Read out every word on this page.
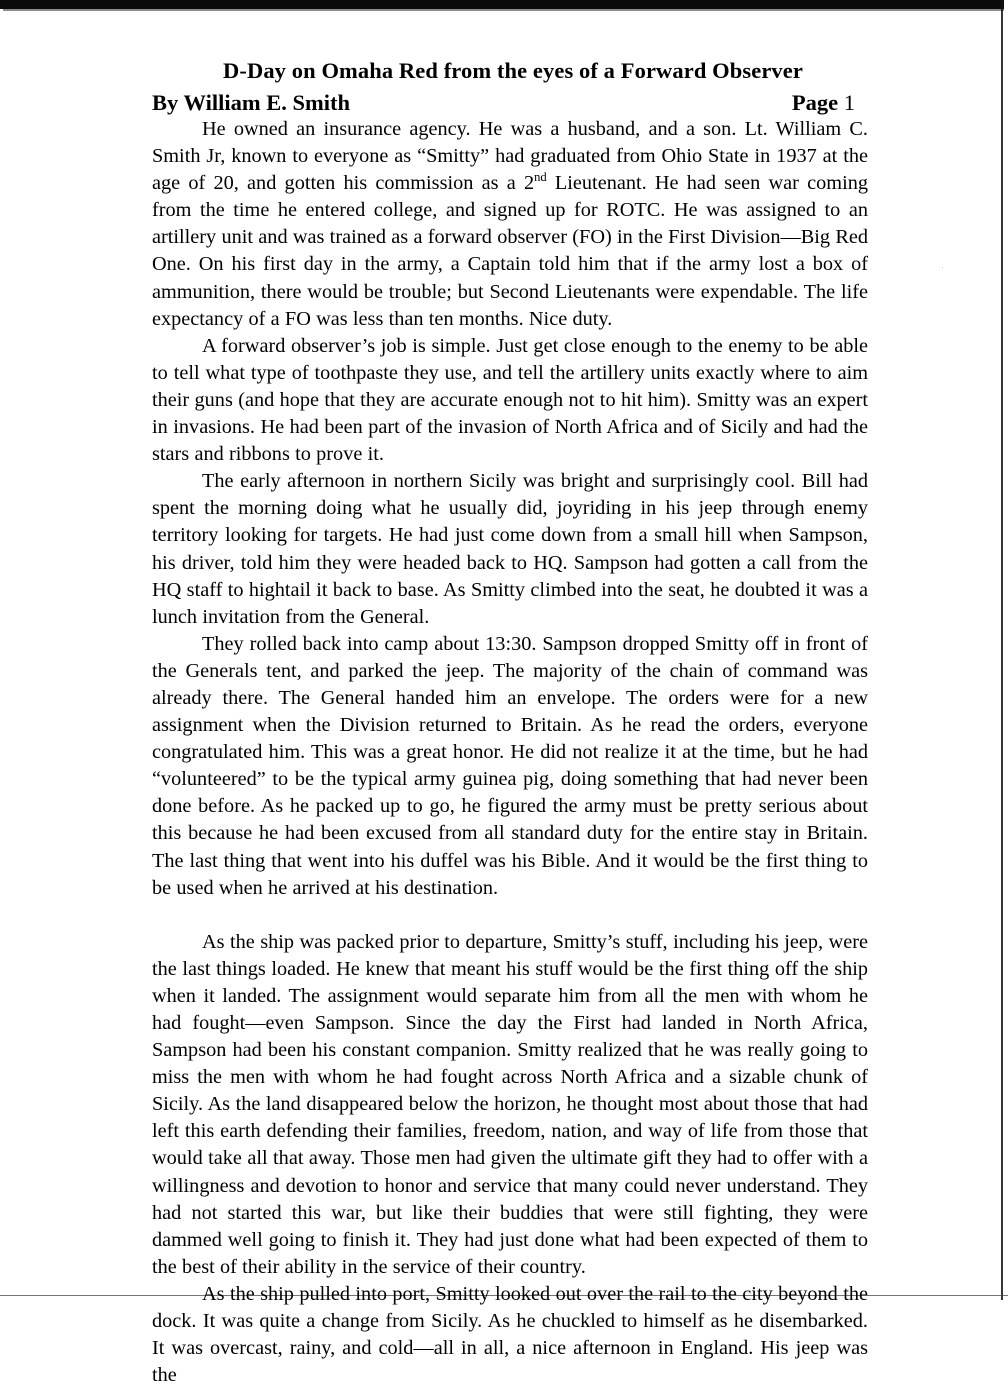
·
D-Day on Omaha Red from the eyes of a Forward Observer
By William E. Smith	Page 1

He owned an insurance agency. He was a husband, and a son. Lt. William C. Smith Jr, known to everyone as “Smitty” had graduated from Ohio State in 1937 at the age of 20, and gotten his commission as a 2nd Lieutenant. He had seen war coming from the time he entered college, and signed up for ROTC. He was assigned to an artillery unit and was trained as a forward observer (FO) in the First Division—Big Red One. On his first day in the army, a Captain told him that if the army lost a box of ammunition, there would be trouble; but Second Lieutenants were expendable. The life expectancy of a FO was less than ten months. Nice duty.

A forward observer’s job is simple. Just get close enough to the enemy to be able to tell what type of toothpaste they use, and tell the artillery units exactly where to aim their guns (and hope that they are accurate enough not to hit him). Smitty was an expert in invasions. He had been part of the invasion of North Africa and of Sicily and had the stars and ribbons to prove it.

The early afternoon in northern Sicily was bright and surprisingly cool. Bill had spent the morning doing what he usually did, joyriding in his jeep through enemy territory looking for targets. He had just come down from a small hill when Sampson, his driver, told him they were headed back to HQ. Sampson had gotten a call from the HQ staff to hightail it back to base. As Smitty climbed into the seat, he doubted it was a lunch invitation from the General.

They rolled back into camp about 13:30. Sampson dropped Smitty off in front of the Generals tent, and parked the jeep. The majority of the chain of command was already there. The General handed him an envelope. The orders were for a new assignment when the Division returned to Britain. As he read the orders, everyone congratulated him. This was a great honor. He did not realize it at the time, but he had “volunteered” to be the typical army guinea pig, doing something that had never been done before. As he packed up to go, he figured the army must be pretty serious about this because he had been excused from all standard duty for the entire stay in Britain. The last thing that went into his duffel was his Bible. And it would be the first thing to be used when he arrived at his destination.

As the ship was packed prior to departure, Smitty’s stuff, including his jeep, were the last things loaded. He knew that meant his stuff would be the first thing off the ship when it landed. The assignment would separate him from all the men with whom he had fought—even Sampson. Since the day the First had landed in North Africa, Sampson had been his constant companion. Smitty realized that he was really going to miss the men with whom he had fought across North Africa and a sizable chunk of Sicily. As the land disappeared below the horizon, he thought most about those that had left this earth defending their families, freedom, nation, and way of life from those that would take all that away. Those men had given the ultimate gift they had to offer with a willingness and devotion to honor and service that many could never understand. They had not started this war, but like their buddies that were still fighting, they were dammed well going to finish it. They had just done what had been expected of them to the best of their ability in the service of their country.

As the ship pulled into port, Smitty looked out over the rail to the city beyond the dock. It was quite a change from Sicily. As he chuckled to himself as he disembarked. It was overcast, rainy, and cold—all in all, a nice afternoon in England. His jeep was the
